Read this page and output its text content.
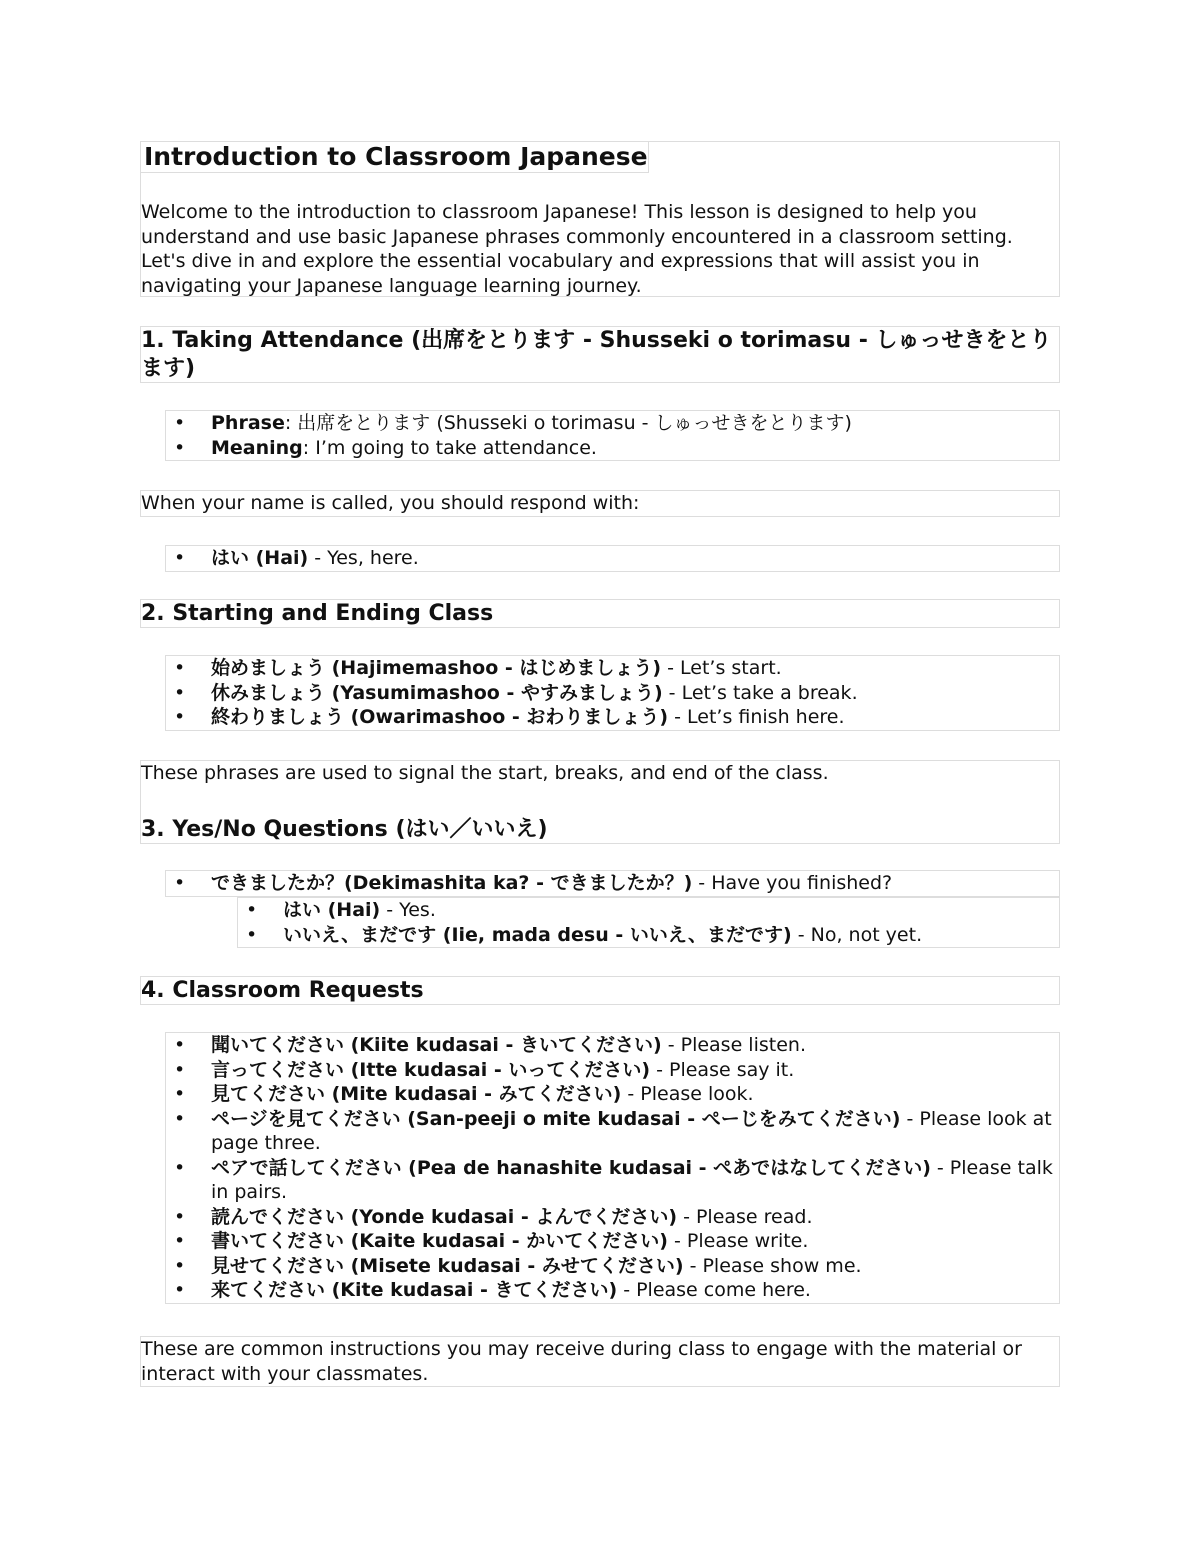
Introduction to Classroom Japanese

Welcome to the introduction to classroom Japanese! This lesson is designed to help you understand and use basic Japanese phrases commonly encountered in a classroom setting. Let's dive in and explore the essential vocabulary and expressions that will assist you in navigating your Japanese language learning journey.

1. Taking Attendance (出席をとります - Shusseki o torimasu - しゅっせきをとります)
• Phrase: 出席をとります (Shusseki o torimasu - しゅっせきをとります)
• Meaning: I’m going to take attendance.

When your name is called, you should respond with:

• はい (Hai) - Yes, here.
2. Starting and Ending Class
• 始めましょう (Hajimemashoo - はじめましょう) - Let’s start.
• 休みましょう (Yasumimashoo - やすみましょう) - Let’s take a break.
• 終わりましょう (Owarimashoo - おわりましょう) - Let’s finish here.

These phrases are used to signal the start, breaks, and end of the class.

3. Yes/No Questions (はい／いいえ)
• できましたか？(Dekimashita ka? - できましたか？) - Have you finished?
• はい (Hai) - Yes.
• いいえ、まだです (Iie, mada desu - いいえ、まだです) - No, not yet.
4. Classroom Requests
• 聞いてください (Kiite kudasai - きいてください) - Please listen.
• 言ってください (Itte kudasai - いってください) - Please say it.
• 見てください (Mite kudasai - みてください) - Please look.
• ページを見てください (San-peeji o mite kudasai - ぺーじをみてください) - Please look at page three.
• ペアで話してください (Pea de hanashite kudasai - ぺあではなしてください) - Please talk in pairs.
• 読んでください (Yonde kudasai - よんでください) - Please read.
• 書いてください (Kaite kudasai - かいてください) - Please write.
• 見せてください (Misete kudasai - みせてください) - Please show me.
• 来てください (Kite kudasai - きてください) - Please come here.

These are common instructions you may receive during class to engage with the material or interact with your classmates.
